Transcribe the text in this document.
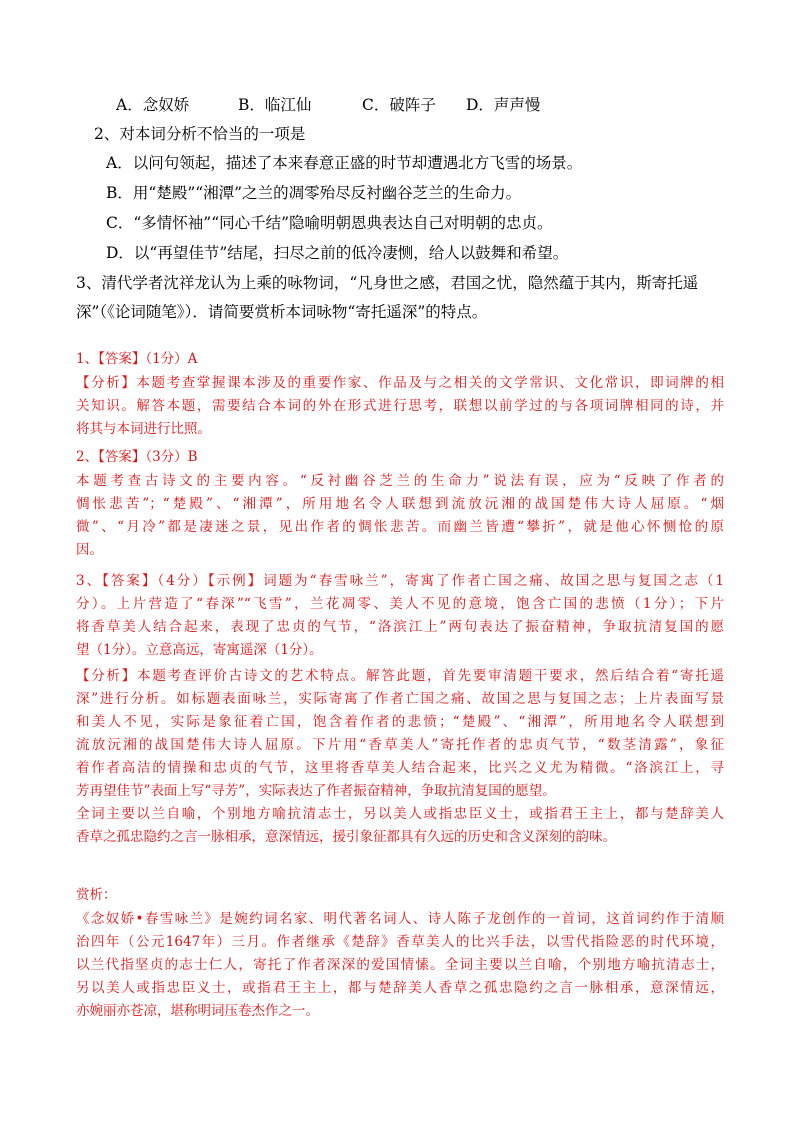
A．念奴娇	B．临江仙	C．破阵子 D．声声慢
2、对本词分析不恰当的一项是
A．以问句领起，描述了本来春意正盛的时节却遭遇北方飞雪的场景。
B．用“楚殿”“湘潭”之兰的凋零殆尽反衬幽谷芝兰的生命力。
C．“多情怀袖”“同心千结”隐喻明朝恩典表达自己对明朝的忠贞。
D．以“再望佳节”结尾，扫尽之前的低冷凄恻，给人以鼓舞和希望。
3、清代学者沈祥龙认为上乘的咏物词，“凡身世之感，君国之忧，隐然蕴于其内，斯寄托遥
深”（《论词随笔》）．请简要赏析本词咏物“寄托遥深”的特点。
1、【答案】（1分）A
【分析】本题考查掌握课本涉及的重要作家、作品及与之相关的文学常识、文化常识，即词牌的相
关知识。解答本题，需要结合本词的外在形式进行思考，联想以前学过的与各项词牌相同的诗，并
将其与本词进行比照。
2、【答案】（3分）B
本题考查古诗文的主要内容。“反衬幽谷芝兰的生命力”说法有误，应为“反映了作者的
惆怅悲苦”；“楚殿”、“湘潭”，所用地名令人联想到流放沅湘的战国楚伟大诗人屈原。“烟
微”、“月冷”都是凄迷之景，见出作者的惆怅悲苦。而幽兰皆遭“攀折”，就是他心怀恻怆的原
因。
3、【答案】（4分）【示例】词题为“春雪咏兰”，寄寓了作者亡国之痛、故国之思与复国之志（1
分）。上片营造了“春深”“飞雪”，兰花凋零、美人不见的意境，饱含亡国的悲愤（1分）；下片
将香草美人结合起来，表现了忠贞的气节，“洛滨江上”两句表达了振奋精神，争取抗清复国的愿
望（1分）。立意高远，寄寓遥深（1分）。
【分析】本题考查评价古诗文的艺术特点。解答此题，首先要审清题干要求，然后结合着“寄托遥
深”进行分析。如标题表面咏兰，实际寄寓了作者亡国之痛、故国之思与复国之志；上片表面写景
和美人不见，实际是象征着亡国，饱含着作者的悲愤；“楚殿”、“湘潭”，所用地名令人联想到
流放沅湘的战国楚伟大诗人屈原。下片用“香草美人”寄托作者的忠贞气节，“数茎清露”，象征
着作者高洁的情操和忠贞的气节，这里将香草美人结合起来，比兴之义尤为精微。“洛滨江上，寻
芳再望佳节”表面上写“寻芳”，实际表达了作者振奋精神，争取抗清复国的愿望。
全词主要以兰自喻，个别地方喻抗清志士，另以美人或指忠臣义士，或指君王主上，都与楚辞美人
香草之孤忠隐约之言一脉相承，意深情远，援引象征都具有久远的历史和含义深刻的韵味。
赏析：
《念奴娇•春雪咏兰》是婉约词名家、明代著名词人、诗人陈子龙创作的一首词，这首词约作于清顺
治四年（公元1647年）三月。作者继承《楚辞》香草美人的比兴手法，以雪代指险恶的时代环境，
以兰代指坚贞的志士仁人，寄托了作者深深的爱国情愫。全词主要以兰自喻，个别地方喻抗清志士，
另以美人或指忠臣义士，或指君王主上，都与楚辞美人香草之孤忠隐约之言一脉相承，意深情远，
亦婉丽亦苍凉，堪称明词压卷杰作之一。
